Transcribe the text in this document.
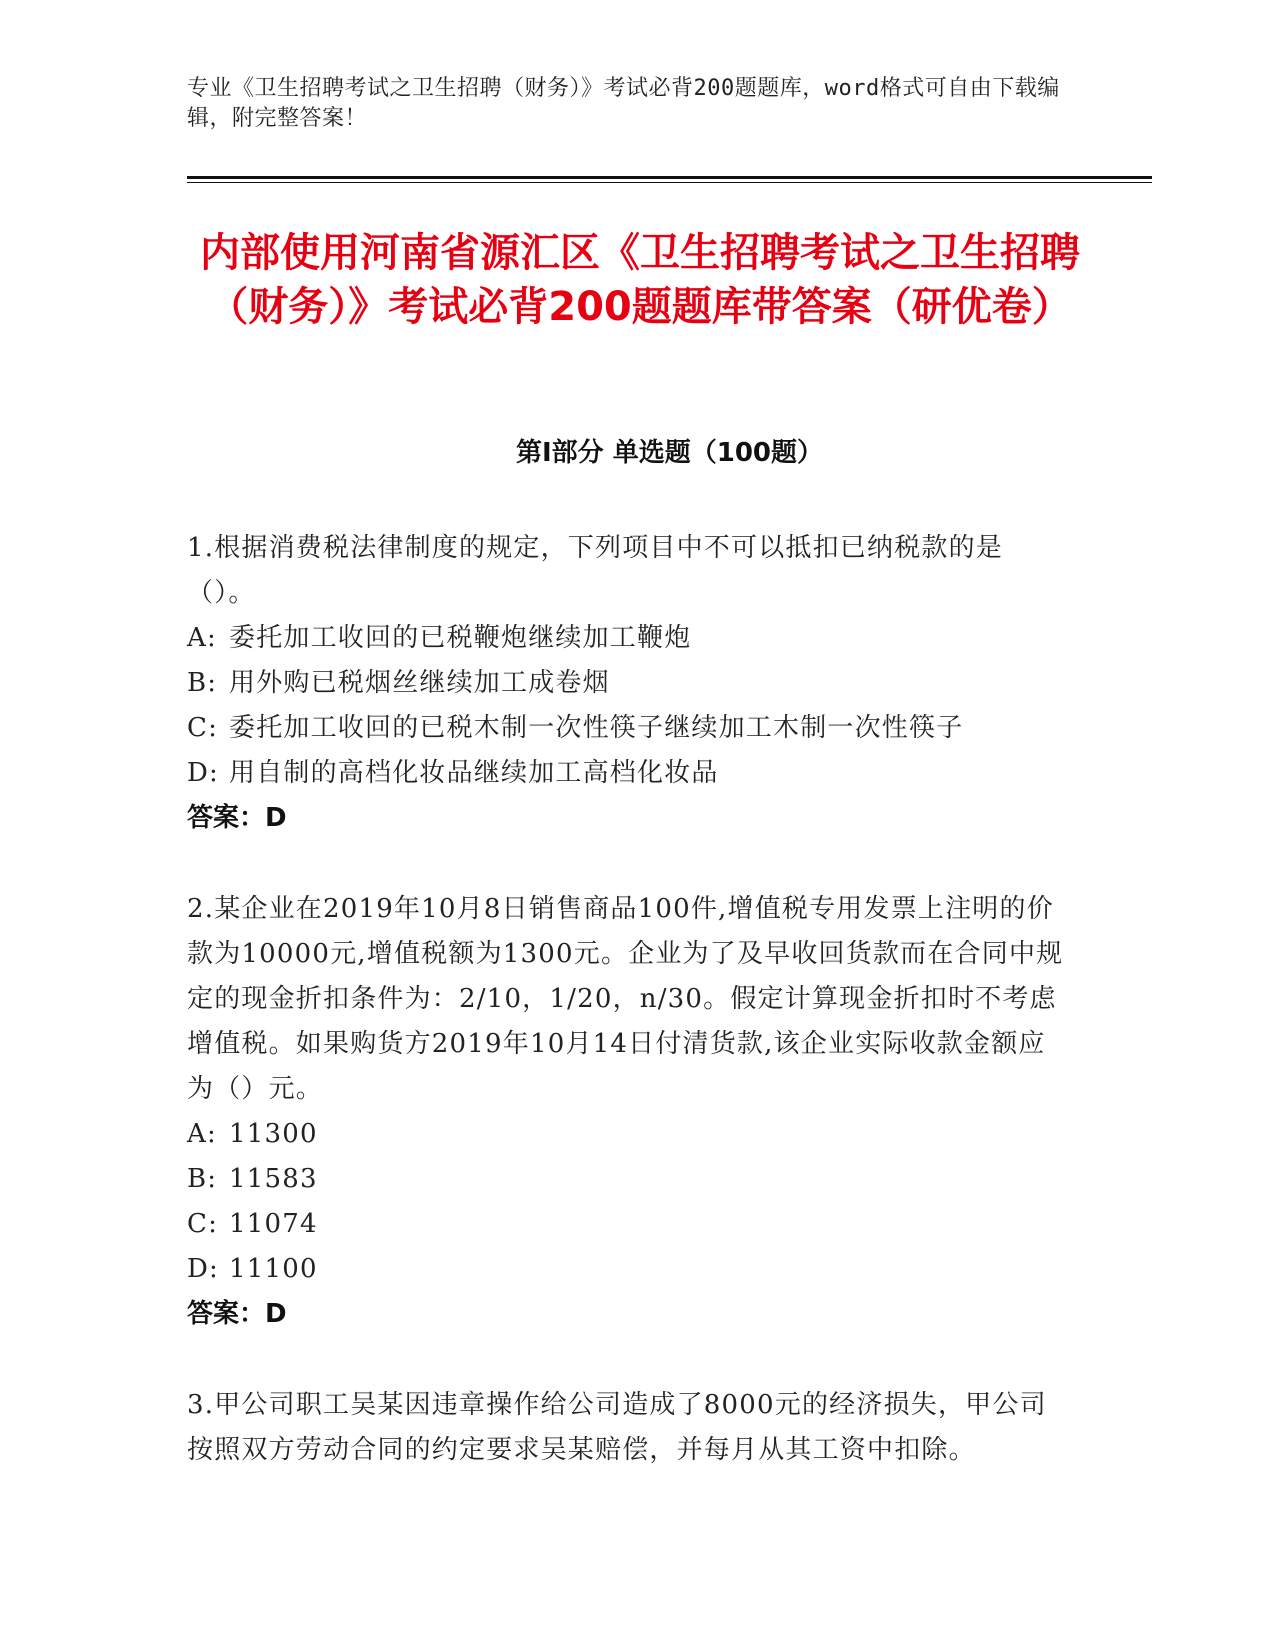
专业《卫生招聘考试之卫生招聘（财务）》考试必背200题题库，word格式可自由下载编辑，附完整答案！
内部使用河南省源汇区《卫生招聘考试之卫生招聘（财务）》考试必背200题题库带答案（研优卷）
第Ⅰ部分 单选题（100题）
1.根据消费税法律制度的规定，下列项目中不可以抵扣已纳税款的是（）。
A: 委托加工收回的已税鞭炮继续加工鞭炮
B: 用外购已税烟丝继续加工成卷烟
C: 委托加工收回的已税木制一次性筷子继续加工木制一次性筷子
D: 用自制的高档化妆品继续加工高档化妆品
答案：D
2.某企业在2019年10月8日销售商品100件,增值税专用发票上注明的价款为10000元,增值税额为1300元。企业为了及早收回货款而在合同中规定的现金折扣条件为：2/10，1/20，n/30。假定计算现金折扣时不考虑增值税。如果购货方2019年10月14日付清货款,该企业实际收款金额应为（）元。
A: 11300
B: 11583
C: 11074
D: 11100
答案：D
3.甲公司职工吴某因违章操作给公司造成了8000元的经济损失，甲公司按照双方劳动合同的约定要求吴某赔偿，并每月从其工资中扣除。
